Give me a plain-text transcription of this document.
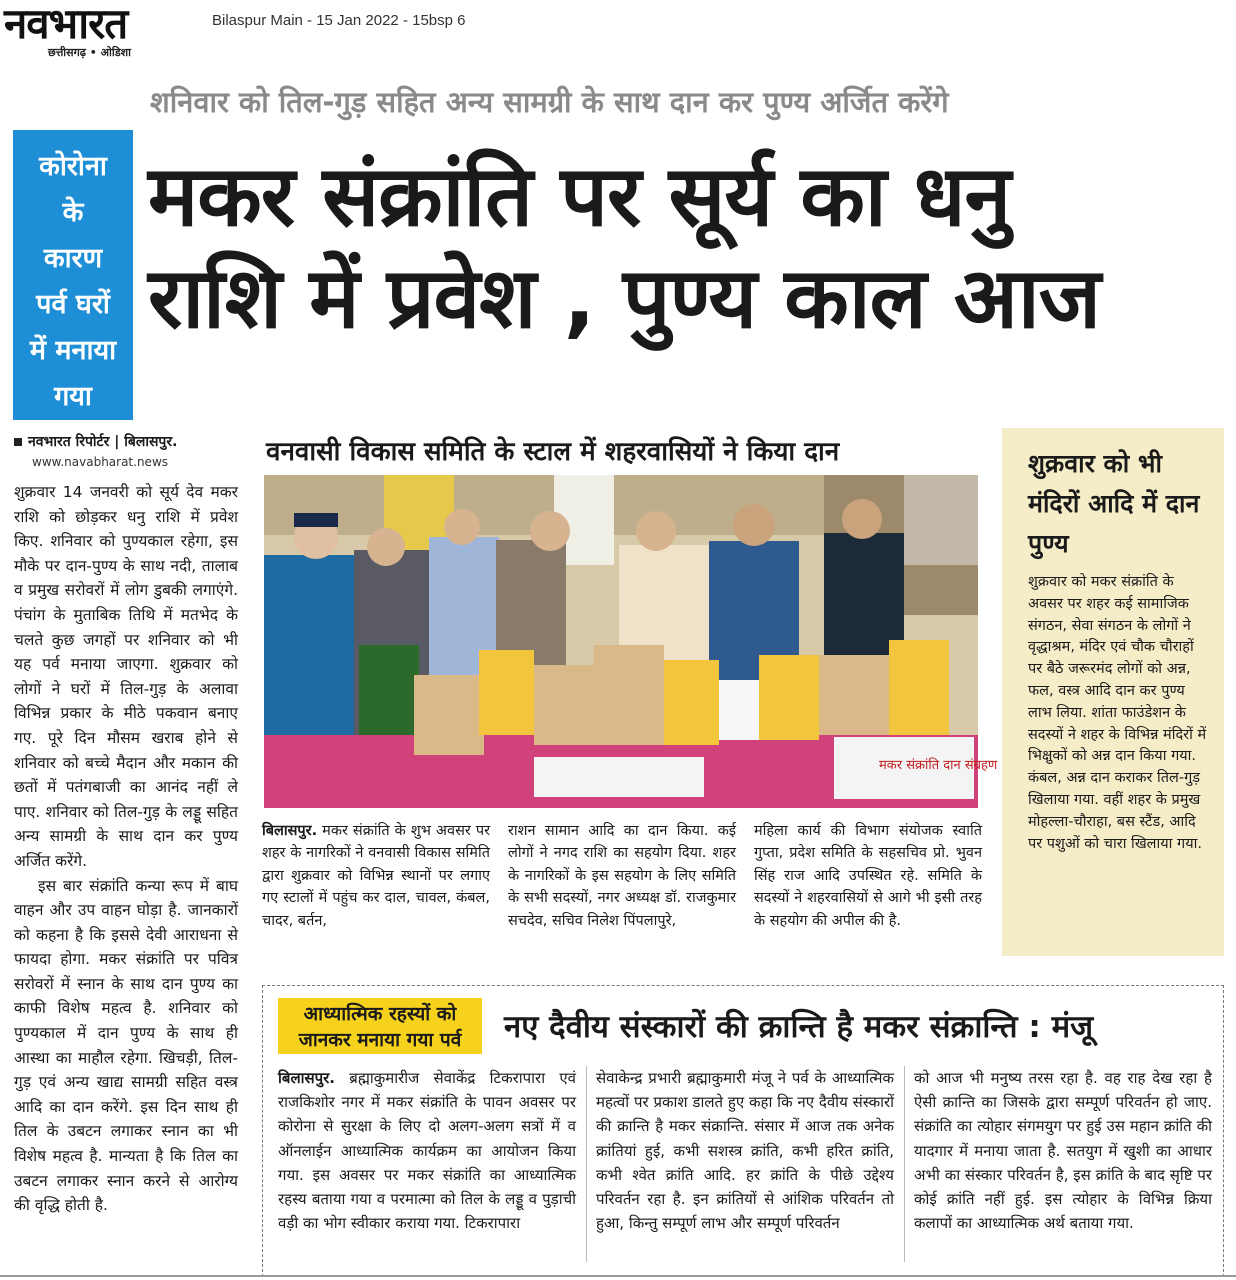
नवभारत
छत्तीसगढ़ • ओडिशा
Bilaspur Main - 15 Jan 2022 - 15bsp 6
शनिवार को तिल-गुड़ सहित अन्य सामग्री के साथ दान कर पुण्य अर्जित करेंगे
कोरोना
के
कारण
पर्व घरों
में मनाया
गया
मकर संक्रांति पर सूर्य का धनु
राशि में प्रवेश , पुण्य काल आज
नवभारत रिपोर्टर | बिलासपुर.
www.navabharat.news

शुक्रवार 14 जनवरी को सूर्य देव मकर राशि को छोड़कर धनु राशि में प्रवेश किए. शनिवार को पुण्यकाल रहेगा, इस मौके पर दान-पुण्य के साथ नदी, तालाब व प्रमुख सरोवरों में लोग डुबकी लगाएंगे. पंचांग के मुताबिक तिथि में मतभेद के चलते कुछ जगहों पर शनिवार को भी यह पर्व मनाया जाएगा. शुक्रवार को लोगों ने घरों में तिल-गुड़ के अलावा विभिन्न प्रकार के मीठे पकवान बनाए गए. पूरे दिन मौसम खराब होने से शनिवार को बच्चे मैदान और मकान की छतों में पतंगबाजी का आनंद नहीं ले पाए. शनिवार को तिल-गुड़ के लड्डू सहित अन्य सामग्री के साथ दान कर पुण्य अर्जित करेंगे.

इस बार संक्रांति कन्या रूप में बाघ वाहन और उप वाहन घोड़ा है. जानकारों को कहना है कि इससे देवी आराधना से फायदा होगा. मकर संक्रांति पर पवित्र सरोवरों में स्नान के साथ दान पुण्य का काफी विशेष महत्व है. शनिवार को पुण्यकाल में दान पुण्य के साथ ही आस्था का माहौल रहेगा. खिचड़ी, तिल-गुड़ एवं अन्य खाद्य सामग्री सहित वस्त्र आदि का दान करेंगे. इस दिन साथ ही तिल के उबटन लगाकर स्नान का भी विशेष महत्व है. मान्यता है कि तिल का उबटन लगाकर स्नान करने से आरोग्य की वृद्धि होती है.

वनवासी विकास समिति के स्टाल में शहरवासियों ने किया दान
मकर संक्रांति दान संग्रहण
बिलासपुर. मकर संक्रांति के शुभ अवसर पर शहर के नागरिकों ने वनवासी विकास समिति द्वारा शुक्रवार को विभिन्न स्थानों पर लगाए गए स्टालों में पहुंच कर दाल, चावल, कंबल, चादर, बर्तन,
राशन सामान आदि का दान किया. कई लोगों ने नगद राशि का सहयोग दिया. शहर के नागरिकों के इस सहयोग के लिए समिति के सभी सदस्यों, नगर अध्यक्ष डॉ. राजकुमार सचदेव, सचिव निलेश पिंपलापुरे,
महिला कार्य की विभाग संयोजक स्वाति गुप्ता, प्रदेश समिति के सहसचिव प्रो. भुवन सिंह राज आदि उपस्थित रहे. समिति के सदस्यों ने शहरवासियों से आगे भी इसी तरह के सहयोग की अपील की है.
शुक्रवार को भी मंदिरों आदि में दान पुण्य
शुक्रवार को मकर संक्रांति के अवसर पर शहर कई सामाजिक संगठन, सेवा संगठन के लोगों ने वृद्धाश्रम, मंदिर एवं चौक चौराहों पर बैठे जरूरमंद लोगों को अन्न, फल, वस्त्र आदि दान कर पुण्य लाभ लिया. शांता फाउंडेशन के सदस्यों ने शहर के विभिन्न मंदिरों में भिक्षुकों को अन्न दान किया गया. कंबल, अन्न दान कराकर तिल-गुड़ खिलाया गया. वहीं शहर के प्रमुख मोहल्ला-चौराहा, बस स्टैंड, आदि पर पशुओं को चारा खिलाया गया.
आध्यात्मिक रहस्यों को
जानकर मनाया गया पर्व	नए दैवीय संस्कारों की क्रान्ति है मकर संक्रान्ति : मंजू
बिलासपुर. ब्रह्माकुमारीज सेवाकेंद्र टिकरापारा एवं राजकिशोर नगर में मकर संक्रांति के पावन अवसर पर कोरोना से सुरक्षा के लिए दो अलग-अलग सत्रों में व ऑनलाईन आध्यात्मिक कार्यक्रम का आयोजन किया गया. इस अवसर पर मकर संक्रांति का आध्यात्मिक रहस्य बताया गया व परमात्मा को तिल के लड्डू व पुड़ाची वड़ी का भोग स्वीकार कराया गया. टिकरापारा
सेवाकेन्द्र प्रभारी ब्रह्माकुमारी मंजू ने पर्व के आध्यात्मिक महत्वों पर प्रकाश डालते हुए कहा कि नए दैवीय संस्कारों की क्रान्ति है मकर संक्रान्ति. संसार में आज तक अनेक क्रांतियां हुई, कभी सशस्त्र क्रांति, कभी हरित क्रांति, कभी श्वेत क्रांति आदि. हर क्रांति के पीछे उद्देश्य परिवर्तन रहा है. इन क्रांतियों से आंशिक परिवर्तन तो हुआ, किन्तु सम्पूर्ण लाभ और सम्पूर्ण परिवर्तन
को आज भी मनुष्य तरस रहा है. वह राह देख रहा है ऐसी क्रान्ति का जिसके द्वारा सम्पूर्ण परिवर्तन हो जाए. संक्रांति का त्योहार संगमयुग पर हुई उस महान क्रांति की यादगार में मनाया जाता है. सतयुग में खुशी का आधार अभी का संस्कार परिवर्तन है, इस क्रांति के बाद सृष्टि पर कोई क्रांति नहीं हुई. इस त्योहार के विभिन्न क्रिया कलापों का आध्यात्मिक अर्थ बताया गया.
